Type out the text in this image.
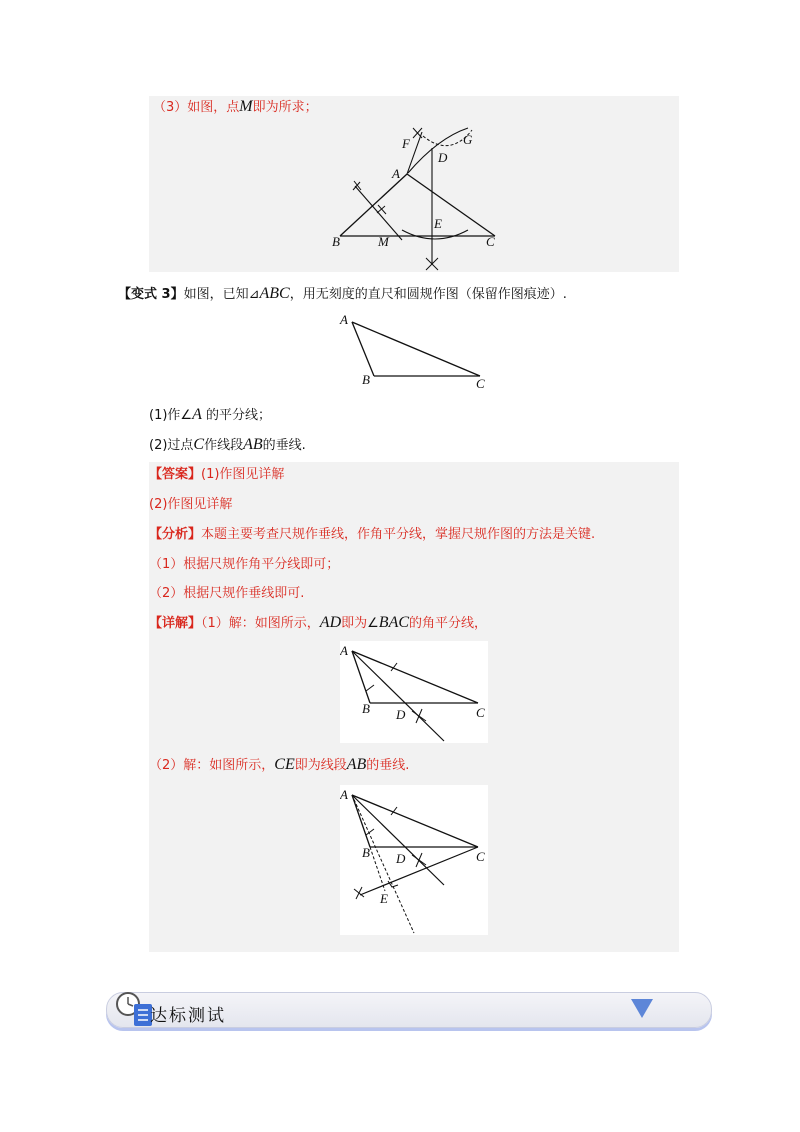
（3）如图，点M即为所求；
F	G
D
A
E
B	M	C
【变式 3】如图，已知⊿ABC，用无刻度的直尺和圆规作图（保留作图痕迹）.
A
B	C
(1)作∠A 的平分线；
(2)过点C作线段AB的垂线.
【答案】(1)作图见详解
(2)作图见详解
【分析】本题主要考查尺规作垂线，作角平分线，掌握尺规作图的方法是关键.
（1）根据尺规作角平分线即可；
（2）根据尺规作垂线即可.
【详解】（1）解：如图所示，AD即为∠BAC的角平分线，
A
B D	C
（2）解：如图所示，CE即为线段AB的垂线.
A
B D	C
E
达标测试
